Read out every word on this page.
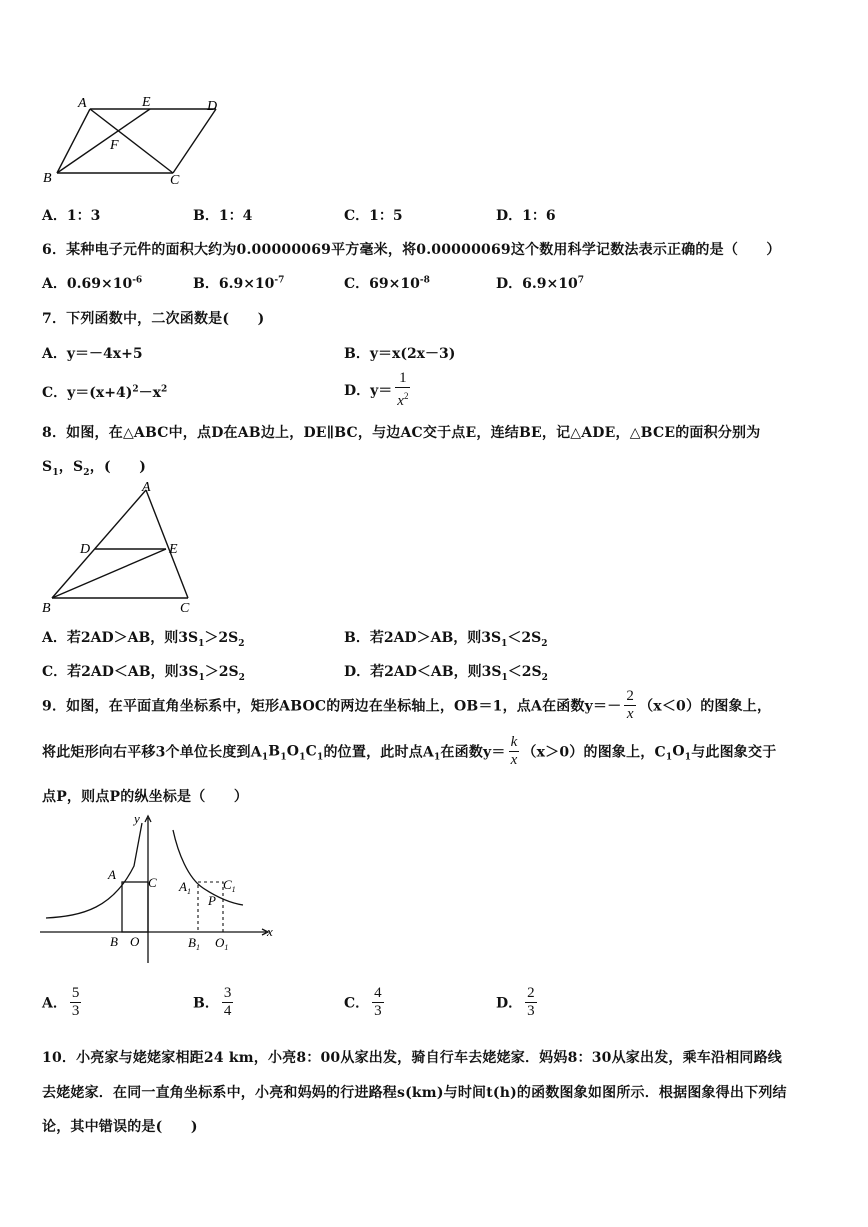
A	E	D
F
B	C
A．1：3	B．1：4	C．1：5	D．1：6
6．某种电子元件的面积大约为0.00000069平方毫米，将0.00000069这个数用科学记数法表示正确的是（　　）
A．$0.69\times 10^{-6}$	B．$6.9\times 10^{-7}$	C．$69\times 10^{-8}$	D．$6.9\times 10^7$
7．下列函数中，二次函数是(　　)
A．y＝－4x+5	B．y＝x(2x－3)
C．$y=(x+4)^2-x^2$	D．$y= \frac{1}{x^2}$
8．如图，在△ABC中，点D在AB边上，DE∥BC，与边AC交于点E，连结BE，记△ADE，△BCE的面积分别为
$S_1$，$S_2$，(　　)
A
D	E
B	C
A．若2AD＞AB，则$3S_1>2S_2$	B．若2AD＞AB，则$3S_1<2S_2$
C．若2AD＜AB，则$3S_1>2S_2$	D．若2AD＜AB，则$3S_1<2S_2$
9．如图，在平面直角坐标系中，矩形ABOC的两边在坐标轴上，OB＝1，点A在函数$y=- \frac{2}{x} (x<0)$的图象上，
将此矩形向右平移3个单位长度到$A_1B_1O_1C_1$的位置，此时点$A_1$在函数$y= \frac{k}{x} (x>0)$的图象上，$C_1O_1$与此图象交于
点P，则点P的纵坐标是（　　）
y
x
A
C
B O
$A_1$ $C_1$
P
$B_1$ $O_1$
A． $\frac{5}{3}$	B． $\frac{3}{4}$	C． $\frac{4}{3}$	D． $\frac{2}{3}$
10．小亮家与姥姥家相距24 km，小亮8：00从家出发，骑自行车去姥姥家．妈妈8：30从家出发，乘车沿相同路线
去姥姥家．在同一直角坐标系中，小亮和妈妈的行进路程s(km)与时间t(h)的函数图象如图所示．根据图象得出下列结
论，其中错误的是(　　)
